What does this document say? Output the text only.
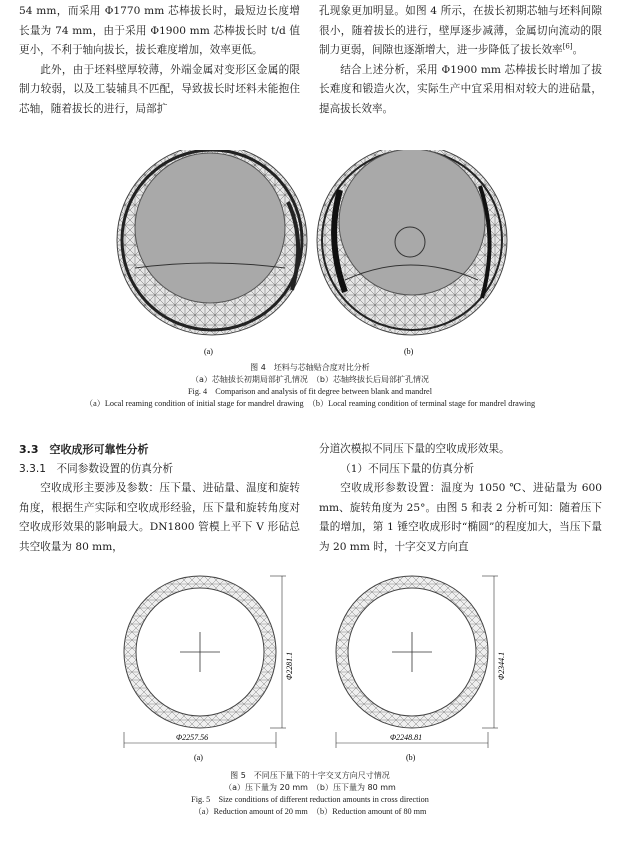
54 mm，而采用 Φ1770 mm 芯棒拔长时，最短边长度增长量为 74 mm，由于采用 Φ1900 mm 芯棒拔长时 t/d 值更小，不利于轴向拔长，拔长难度增加，效率更低。

此外，由于坯料壁厚较薄，外端金属对变形区金属的限制力较弱，以及工装辅具不匹配，导致拔长时坯料未能抱住芯轴，随着拔长的进行，局部扩

孔现象更加明显。如图 4 所示，在拔长初期芯轴与坯料间隙很小，随着拔长的进行，壁厚逐步减薄，金属切向流动的限制力更弱，间隙也逐渐增大，进一步降低了拔长效率[6]。

结合上述分析，采用 Φ1900 mm 芯棒拔长时增加了拔长难度和锻造火次，实际生产中宜采用相对较大的进砧量，提高拔长效率。

(a)	(b)
图 4　坯料与芯轴贴合度对比分析
（a）芯轴拔长初期局部扩孔情况　（b）芯轴终拔长后局部扩孔情况
Fig. 4　Comparison and analysis of fit degree between blank and mandrel
（a）Local reaming condition of initial stage for mandrel drawing　（b）Local reaming condition of terminal stage for mandrel drawing

3.3　空收成形可靠性分析

3.3.1　不同参数设置的仿真分析

空收成形主要涉及参数：压下量、进砧量、温度和旋转角度，根据生产实际和空收成形经验，压下量和旋转角度对空收成形效果的影响最大。DN1800 管模上平下 V 形砧总共空收量为 80 mm，

分道次模拟不同压下量的空收成形效果。

（1）不同压下量的仿真分析

空收成形参数设置：温度为 1050 ℃、进砧量为 600 mm、旋转角度为 25°。由图 5 和表 2 分析可知：随着压下量的增加，第 1 锤空收成形时“椭圆”的程度加大，当压下量为 20 mm 时，十字交叉方向直

Φ2281.1
Φ2257.56
(a)
Φ2344.1
Φ2248.81
(b)
图 5　不同压下量下的十字交叉方向尺寸情况
（a）压下量为 20 mm　（b）压下量为 80 mm
Fig. 5　Size conditions of different reduction amounts in cross direction
（a）Reduction amount of 20 mm　（b）Reduction amount of 80 mm
